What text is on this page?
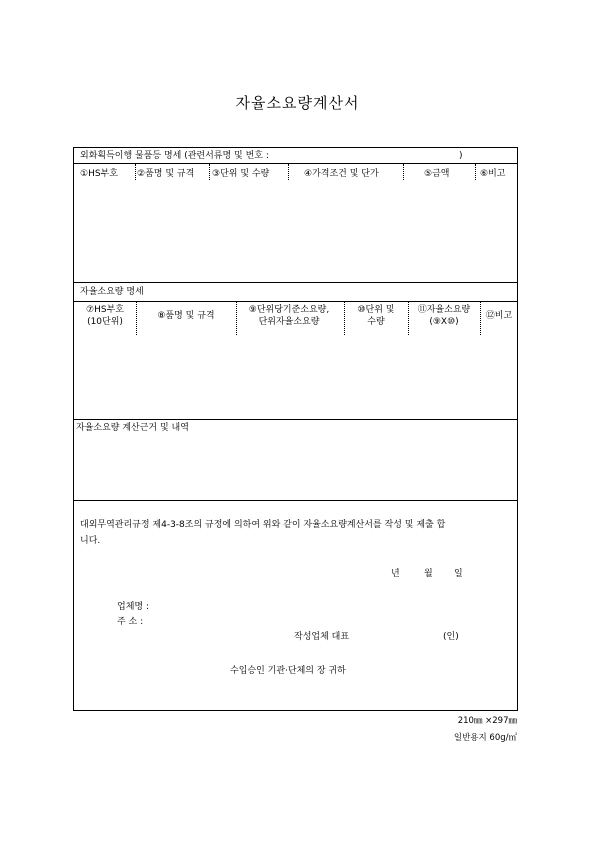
자율소요량계산서
외화획득이행 물품등 명세 (관련서류명 및 번호 :	)
①HS부호 ②품명 및 규격 ③단위 및 수량	④가격조건 및 단가	⑤금액	⑥비고
자율소요량 명세
⑦HS부호
(10단위)
⑧품명 및 규격
⑨단위당기준소요량,
단위자율소요량
⑩단위 및
수량
⑪자율소요량
(⑨X⑩)
⑫비고
자율소요량 계산근거 및 내역
대외무역관리규정 제4-3-8조의 규정에 의하여 위와 같이 자율소요량계산서를 작성 및 제출 합
니다.
년	월 일
업체명 :
주 소 :
작성업체 대표	(인)
수입승인 기관·단체의 장 귀하
210㎜ ×297㎜
일반용지 60g/㎡
